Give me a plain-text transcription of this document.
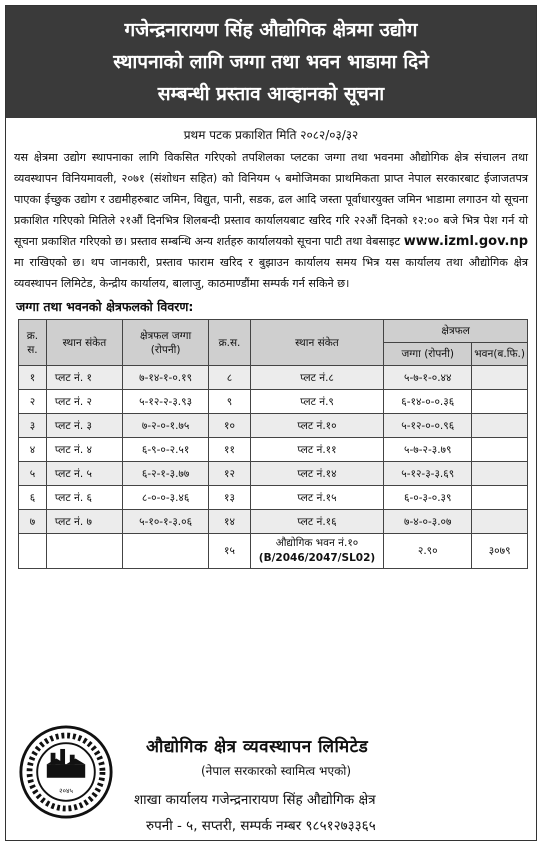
गजेन्द्रनारायण सिंह औद्योगिक क्षेत्रमा उद्योग
स्थापनाको लागि जग्गा तथा भवन भाडामा दिने
सम्बन्धी प्रस्ताव आव्हानको सूचना
प्रथम पटक प्रकाशित मिति २०८२/०३/३२
यस क्षेत्रमा उद्योग स्थापनाका लागि विकसित गरिएको तपशिलका प्लटका जग्गा तथा भवनमा औद्योगिक क्षेत्र संचालन तथा व्यवस्थापन विनियमावली, २०७१ (संशोधन सहित) को विनियम ५ बमोजिमका प्राथमिकता प्राप्त नेपाल सरकारबाट ईजाजतपत्र पाएका ईच्छुक उद्योग र उद्यमीहरुबाट जमिन, विद्युत, पानी, सडक, ढल आदि जस्ता पूर्वाधारयुक्त जमिन भाडामा लगाउन यो सूचना प्रकाशित गरिएको मितिले २१औं दिनभित्र शिलबन्दी प्रस्ताव कार्यालयबाट खरिद गरि २२औं दिनको १२:०० बजे भित्र पेश गर्न यो सूचना प्रकाशित गरिएको छ। प्रस्ताव सम्बन्धि अन्य शर्तहरु कार्यालयको सूचना पाटी तथा वेबसाइट www.izml.gov.np मा राखिएको छ। थप जानकारी, प्रस्ताव फाराम खरिद र बुझाउन कार्यालय समय भित्र यस कार्यालय तथा औद्योगिक क्षेत्र व्यवस्थापन लिमिटेड, केन्द्रीय कार्यालय, बालाजु, काठमाण्डौंमा सम्पर्क गर्न सकिने छ।
जग्गा तथा भवनको क्षेत्रफलको विवरण:
क्र. स.	स्थान संकेत	क्षेत्रफल जग्गा (रोपनी)	क्र.स.	स्थान संकेत	क्षेत्रफल	
					जग्गा (रोपनी)	भवन(ब.फि.)
१	प्लट नं. १	७-१४-१-०.१९	८	प्लट नं.८	५-७-१-०.४४	
२	प्लट नं. २	५-१२-२-३.९३	९	प्लट नं.९	६-१४-०-०.३६	
३	प्लट नं. ३	७-२-०-१.७५	१०	प्लट नं.१०	५-१२-०-०.९६	
४	प्लट नं. ४	६-९-०-२.५१	११	प्लट नं.११	५-७-२-३.७९	
५	प्लट नं. ५	६-२-१-३.७७	१२	प्लट नं.१४	५-१२-३-३.६९	
६	प्लट नं. ६	८-०-०-३.४६	१३	प्लट नं.१५	६-०-३-०.३९	
७	प्लट नं. ७	५-१०-१-३.०६	१४	प्लट नं.१६	७-४-०-३.०७	
			१५	औद्योगिक भवन नं.१०
(B/2046/2047/SL02)	२.९०	३०७९
२०४५
औद्योगिक क्षेत्र व्यवस्थापन लिमिटेड
(नेपाल सरकारको स्वामित्व भएको)
शाखा कार्यालय गजेन्द्रनारायण सिंह औद्योगिक क्षेत्र
रुपनी - ५, सप्तरी, सम्पर्क नम्बर ९८५१२७३३६५
